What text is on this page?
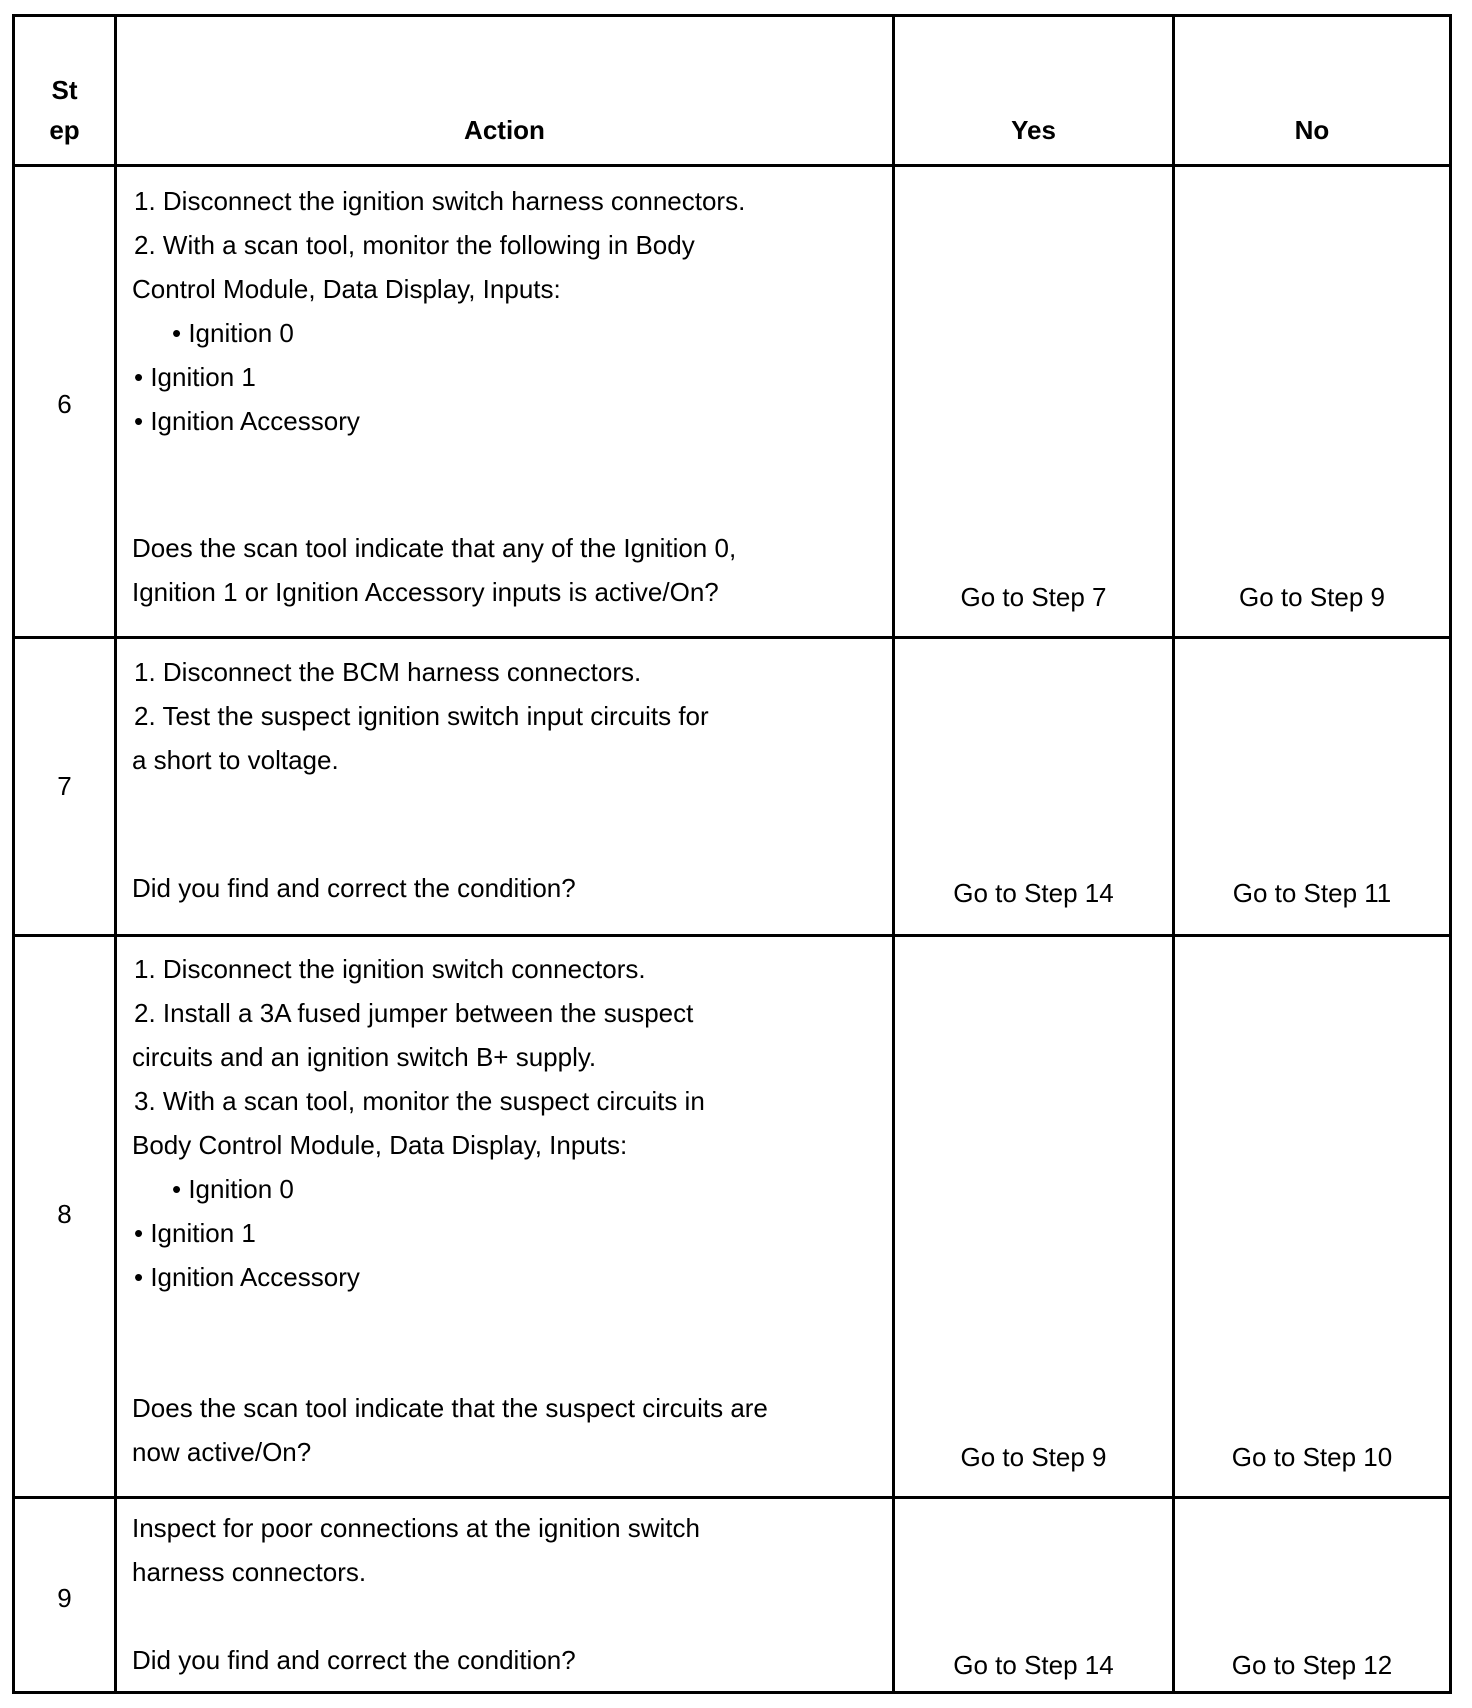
St
ep	Action	Yes	No
6
1. Disconnect the ignition switch harness connectors.
2. With a scan tool, monitor the following in Body
Control Module, Data Display, Inputs:
• Ignition 0
• Ignition 1
• Ignition Accessory
Does the scan tool indicate that any of the Ignition 0,
Ignition 1 or Ignition Accessory inputs is active/On?	Go to Step 7	Go to Step 9
7
1. Disconnect the BCM harness connectors.
2. Test the suspect ignition switch input circuits for
a short to voltage.
Did you find and correct the condition?	Go to Step 14	Go to Step 11
8
1. Disconnect the ignition switch connectors.
2. Install a 3A fused jumper between the suspect
circuits and an ignition switch B+ supply.
3. With a scan tool, monitor the suspect circuits in
Body Control Module, Data Display, Inputs:
• Ignition 0
• Ignition 1
• Ignition Accessory
Does the scan tool indicate that the suspect circuits are
now active/On?	Go to Step 9	Go to Step 10
9
Inspect for poor connections at the ignition switch
harness connectors.
Did you find and correct the condition?	Go to Step 14	Go to Step 12
